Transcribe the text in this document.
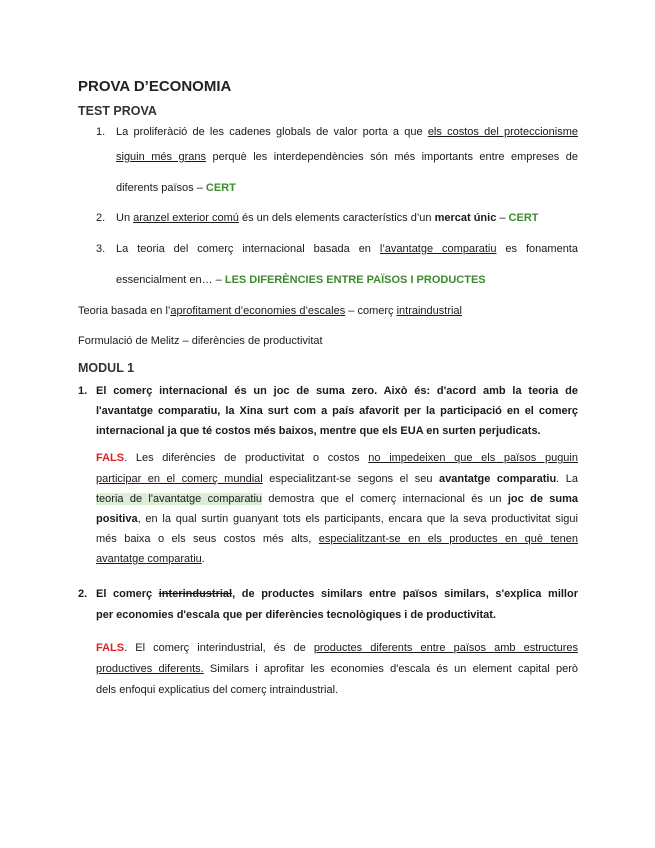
PROVA D’ECONOMIA
TEST PROVA
1. La proliferàció de les cadenes globals de valor porta a que els costos del proteccionisme
siguin més grans perquè les interdependències són més importants entre empreses de
diferents països – CERT
2. Un aranzel exterior comú és un dels elements característics d’un mercat únic – CERT
3. La teoria del comerç internacional basada en l’avantatge comparatiu es fonamenta
essencialment en… – LES DIFERÈNCIES ENTRE PAÏSOS I PRODUCTES
Teoria basada en l’aprofitament d’economies d’escales – comerç intraindustrial
Formulació de Melitz – diferències de productivitat
MODUL 1
1. El comerç internacional és un joc de suma zero. Això és: d'acord amb la teoria de
l'avantatge comparatiu, la Xina surt com a país afavorit per la participació en el comerç
internacional ja que té costos més baixos, mentre que els EUA en surten perjudicats.
FALS. Les diferències de productivitat o costos no impedeixen que els països puguin
participar en el comerç mundial especialitzant-se segons el seu avantatge comparatiu. La
teoria de l'avantatge comparatiu demostra que el comerç internacional és un joc de suma
positiva, en la qual surtin guanyant tots els participants, encara que la seva productivitat sigui
més baixa o els seus costos més alts, especialitzant-se en els productes en què tenen
avantatge comparatiu.
2. El comerç interindustrial, de productes similars entre països similars, s'explica millor
per economies d'escala que per diferències tecnològiques i de productivitat.
FALS. El comerç interindustrial, és de productes diferents entre països amb estructures
productives diferents. Similars i aprofitar les economies d'escala és un element capital però
dels enfoqui explicatius del comerç intraindustrial.
